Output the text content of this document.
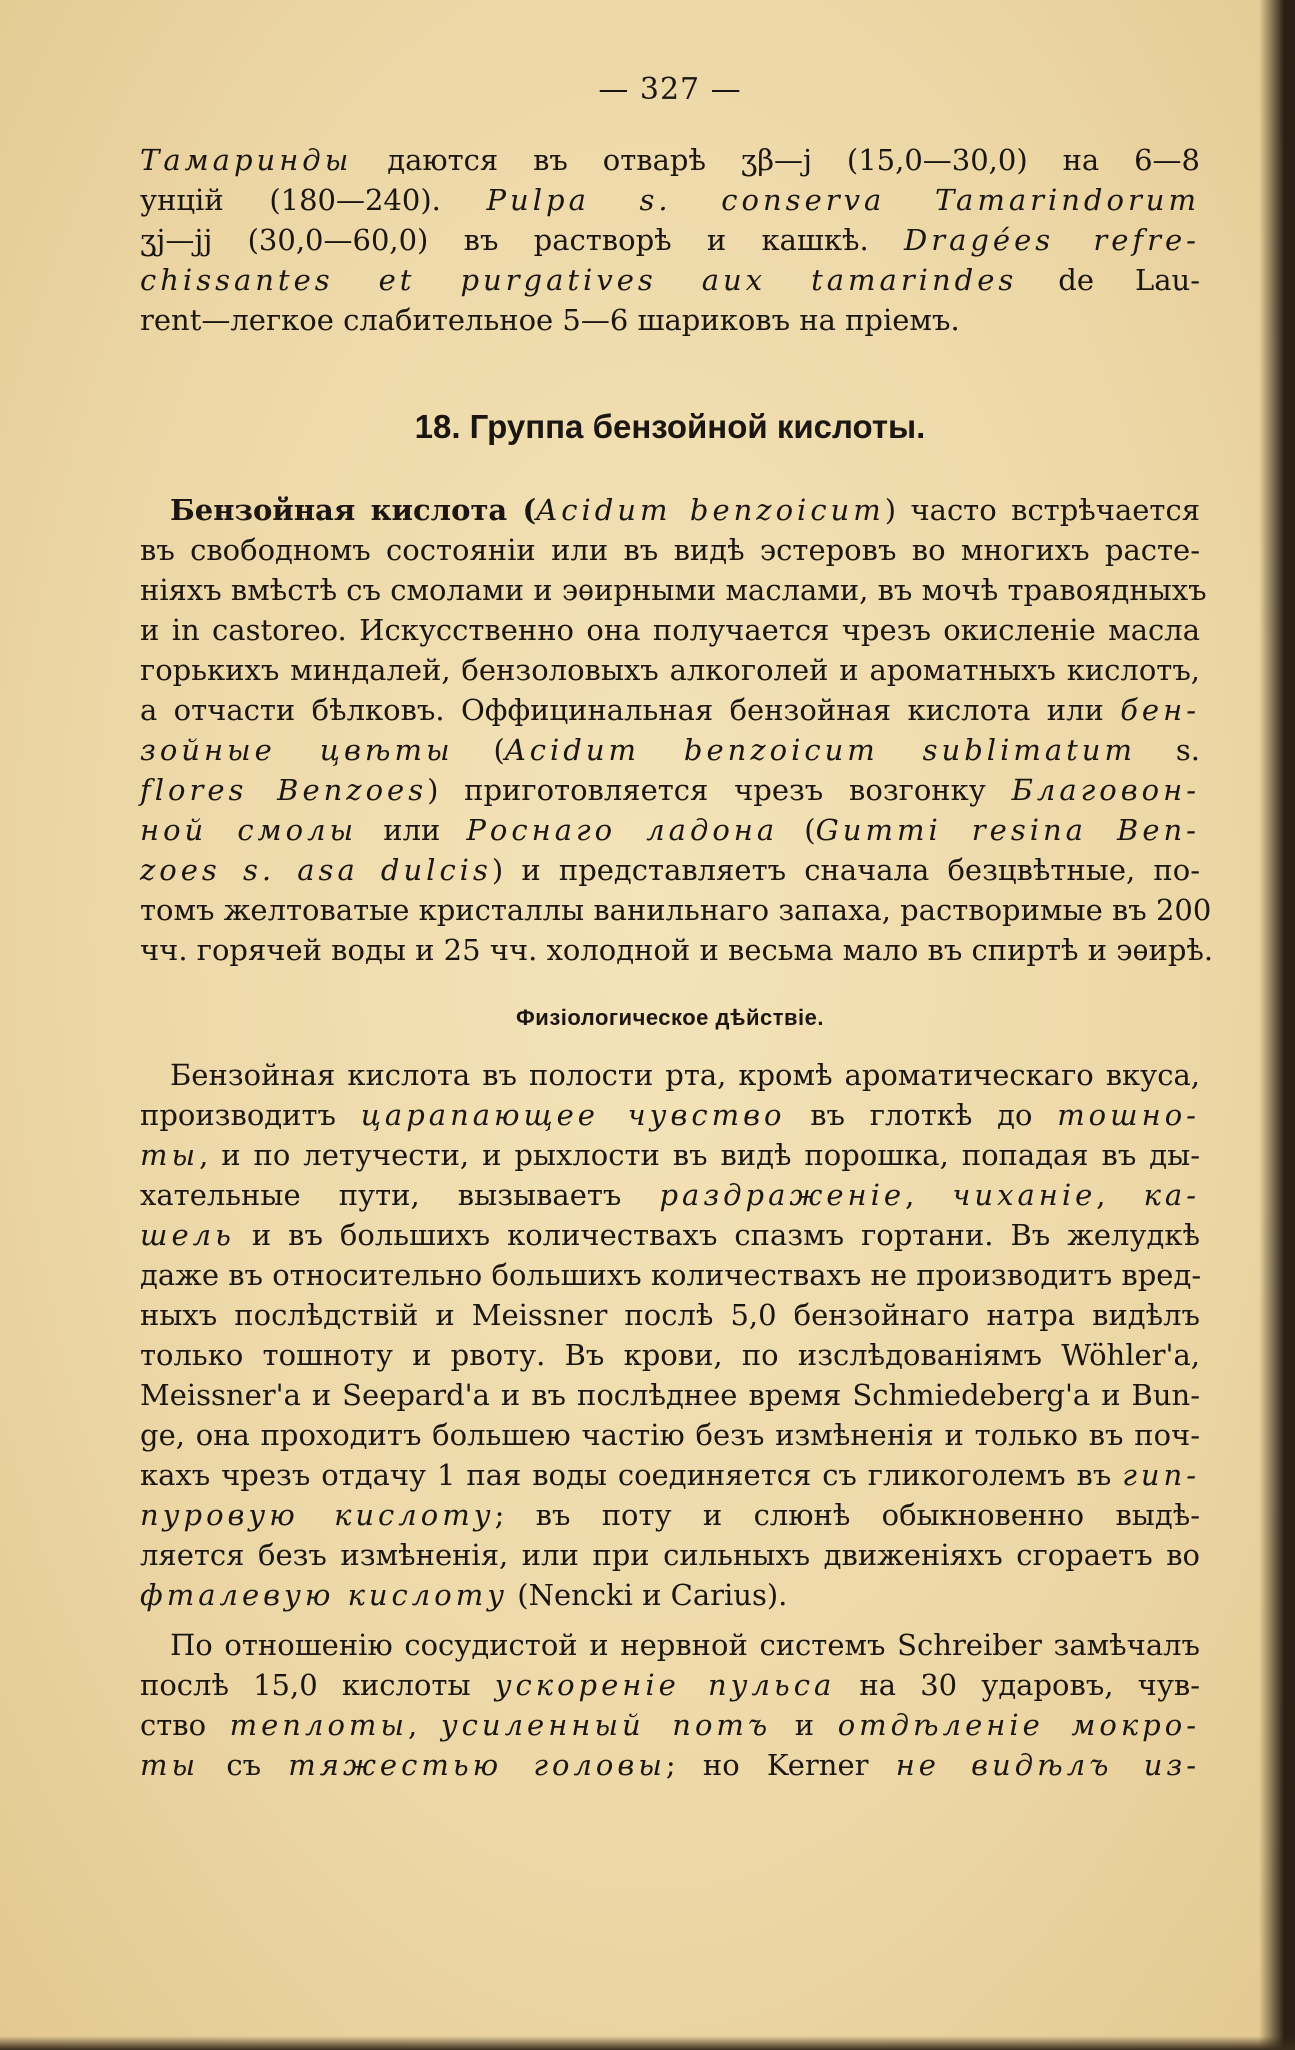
— 327 —
Тамаринды даются въ отварѣ ʒβ—j (15,0—30,0) на 6—8
унцій (180—240). Pulpa s. conserva Tamarindorum
ʒj—jj (30,0—60,0) въ растворѣ и кашкѣ. Dragées refre-
chissantes et purgatives aux tamarindes de Lau-
rent—легкое слабительное 5—6 шариковъ на пріемъ.
18. Группа бензойной кислоты.
Бензойная кислота (Acidum benzoicum) часто встрѣчается
въ свободномъ состояніи или въ видѣ эстеровъ во многихъ расте-
ніяхъ вмѣстѣ съ смолами и эѳирными маслами, въ мочѣ травоядныхъ
и in castoreo. Искусственно она получается чрезъ окисленіе масла
горькихъ миндалей, бензоловыхъ алкоголей и ароматныхъ кислотъ,
а отчасти бѣлковъ. Оффицинальная бензойная кислота или бен-
зойные цвѣты (Acidum benzoicum sublimatum s.
flores Benzoes) приготовляется чрезъ возгонку Благовон-
ной смолы или Роснаго ладона (Gummi resina Ben-
zoes s. asa dulcis) и представляетъ сначала безцвѣтные, по-
томъ желтоватые кристаллы ванильнаго запаха, растворимые въ 200
чч. горячей воды и 25 чч. холодной и весьма мало въ спиртѣ и эѳирѣ.
Физіологическое дѣйствіе.
Бензойная кислота въ полости рта, кромѣ ароматическаго вкуса,
производитъ царапающее чувство въ глоткѣ до тошно-
ты, и по летучести, и рыхлости въ видѣ порошка, попадая въ ды-
хательные пути, вызываетъ раздраженіе, чиханіе, ка-
шель и въ большихъ количествахъ спазмъ гортани. Въ желудкѣ
даже въ относительно большихъ количествахъ не производитъ вред-
ныхъ послѣдствій и Meissner послѣ 5,0 бензойнаго натра видѣлъ
только тошноту и рвоту. Въ крови, по изслѣдованіямъ Wöhler'a,
Meissner'a и Seepard'a и въ послѣднее время Schmiedeberg'a и Bun-
ge, она проходитъ большею частію безъ измѣненія и только въ поч-
кахъ чрезъ отдачу 1 пая воды соединяется съ гликоголемъ въ гип-
пуровую кислоту; въ поту и слюнѣ обыкновенно выдѣ-
ляется безъ измѣненія, или при сильныхъ движеніяхъ сгораетъ во
фталевую кислоту (Nencki и Carius).
По отношенію сосудистой и нервной системъ Schreiber замѣчалъ
послѣ 15,0 кислоты ускореніе пульса на 30 ударовъ, чув-
ство теплоты, усиленный потъ и отдѣленіе мокро-
ты съ тяжестью головы; но Kerner не видѣлъ из-
